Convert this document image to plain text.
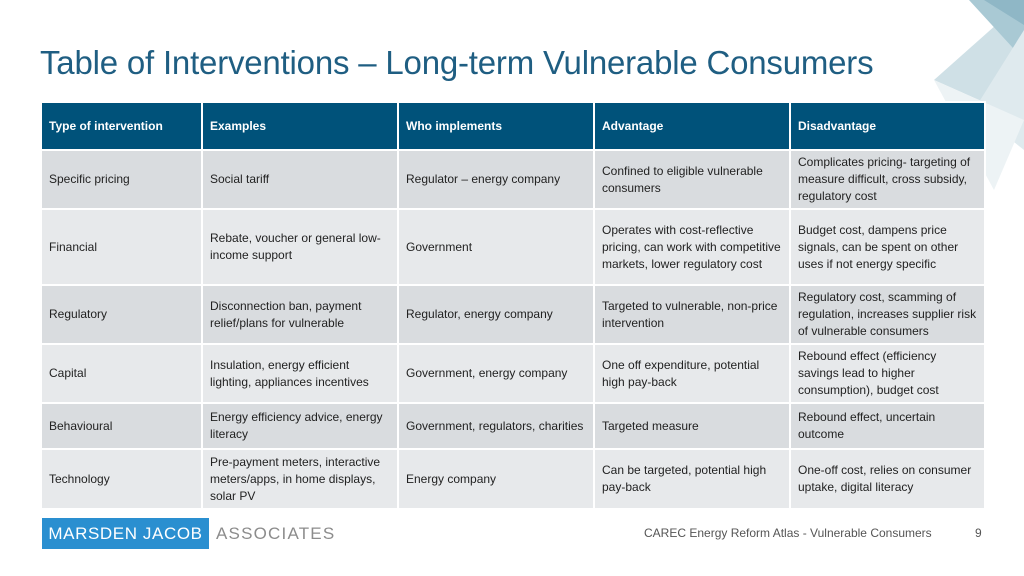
Table of Interventions – Long-term Vulnerable Consumers
Type of intervention	Examples	Who implements	Advantage	Disadvantage
Specific pricing	Social tariff	Regulator – energy company	Confined to eligible vulnerable consumers	Complicates pricing- targeting of measure difficult, cross subsidy, regulatory cost
Financial	Rebate, voucher or general low-income support	Government	Operates with cost-reflective pricing, can work with competitive markets, lower regulatory cost	Budget cost, dampens price signals, can be spent on other uses if not energy specific
Regulatory	Disconnection ban, payment relief/plans for vulnerable	Regulator, energy company	Targeted to vulnerable, non-price intervention	Regulatory cost, scamming of regulation, increases supplier risk of vulnerable consumers
Capital	Insulation, energy efficient lighting, appliances incentives	Government, energy company	One off expenditure, potential high pay-back	Rebound effect (efficiency savings lead to higher consumption), budget cost
Behavioural	Energy efficiency advice, energy literacy	Government, regulators, charities	Targeted measure	Rebound effect, uncertain outcome
Technology	Pre-payment meters, interactive meters/apps, in home displays, solar PV	Energy company	Can be targeted, potential high pay-back	One-off cost, relies on consumer uptake, digital literacy
MARSDEN JACOB ASSOCIATES	CAREC Energy Reform Atlas - Vulnerable Consumers	9
